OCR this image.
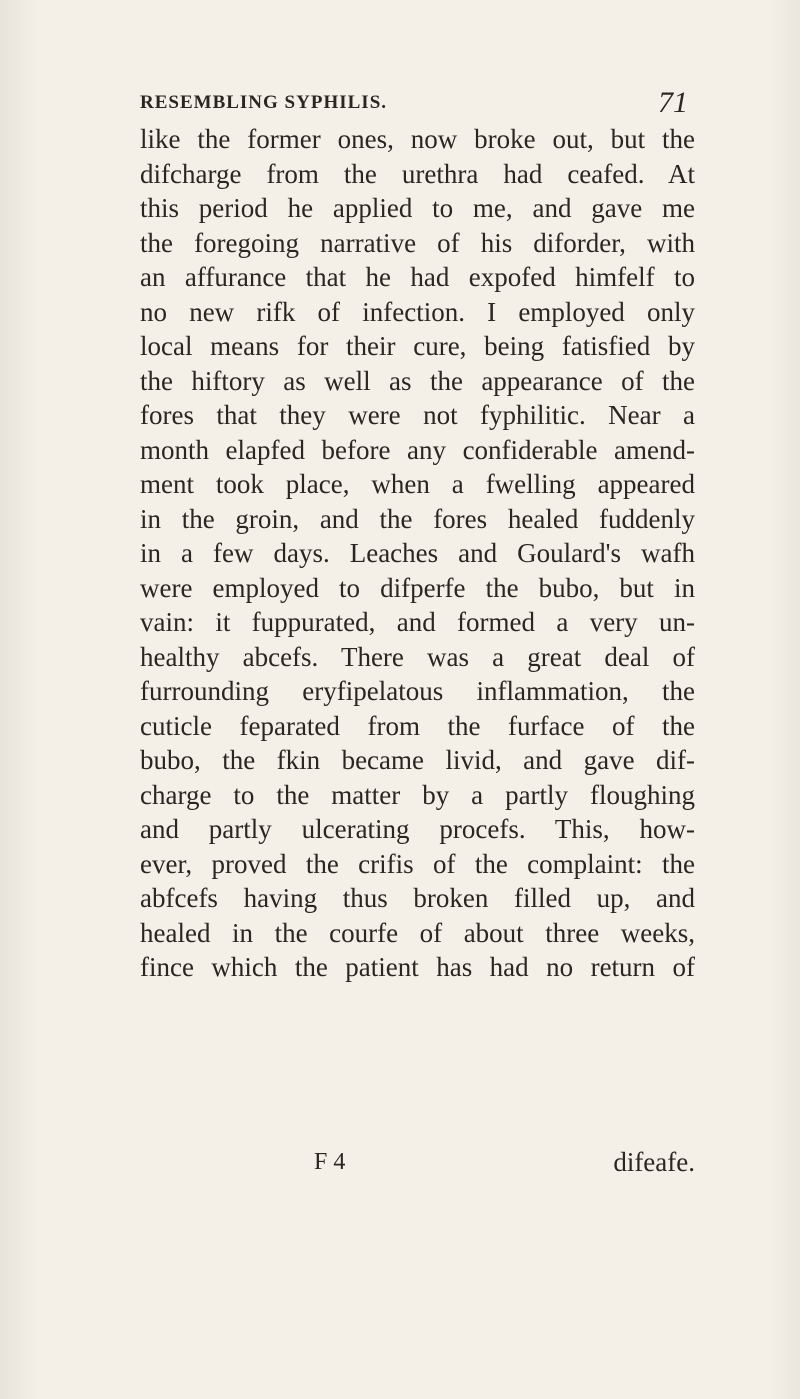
RESEMBLING SYPHILIS.	71
like the former ones, now broke out, but the
difcharge from the urethra had ceafed. At
this period he applied to me, and gave me
the foregoing narrative of his diforder, with
an affurance that he had expofed himfelf to
no new rifk of infection. I employed only
local means for their cure, being fatisfied by
the hiftory as well as the appearance of the
fores that they were not fyphilitic. Near a
month elapfed before any confiderable amend-
ment took place, when a fwelling appeared
in the groin, and the fores healed fuddenly
in a few days. Leaches and Goulard's wafh
were employed to difperfe the bubo, but in
vain: it fuppurated, and formed a very un-
healthy abcefs. There was a great deal of
furrounding eryfipelatous inflammation, the
cuticle feparated from the furface of the
bubo, the fkin became livid, and gave dif-
charge to the matter by a partly floughing
and partly ulcerating procefs. This, how-
ever, proved the crifis of the complaint: the
abfcefs having thus broken filled up, and
healed in the courfe of about three weeks,
fince which the patient has had no return of
F 4	difeafe.
